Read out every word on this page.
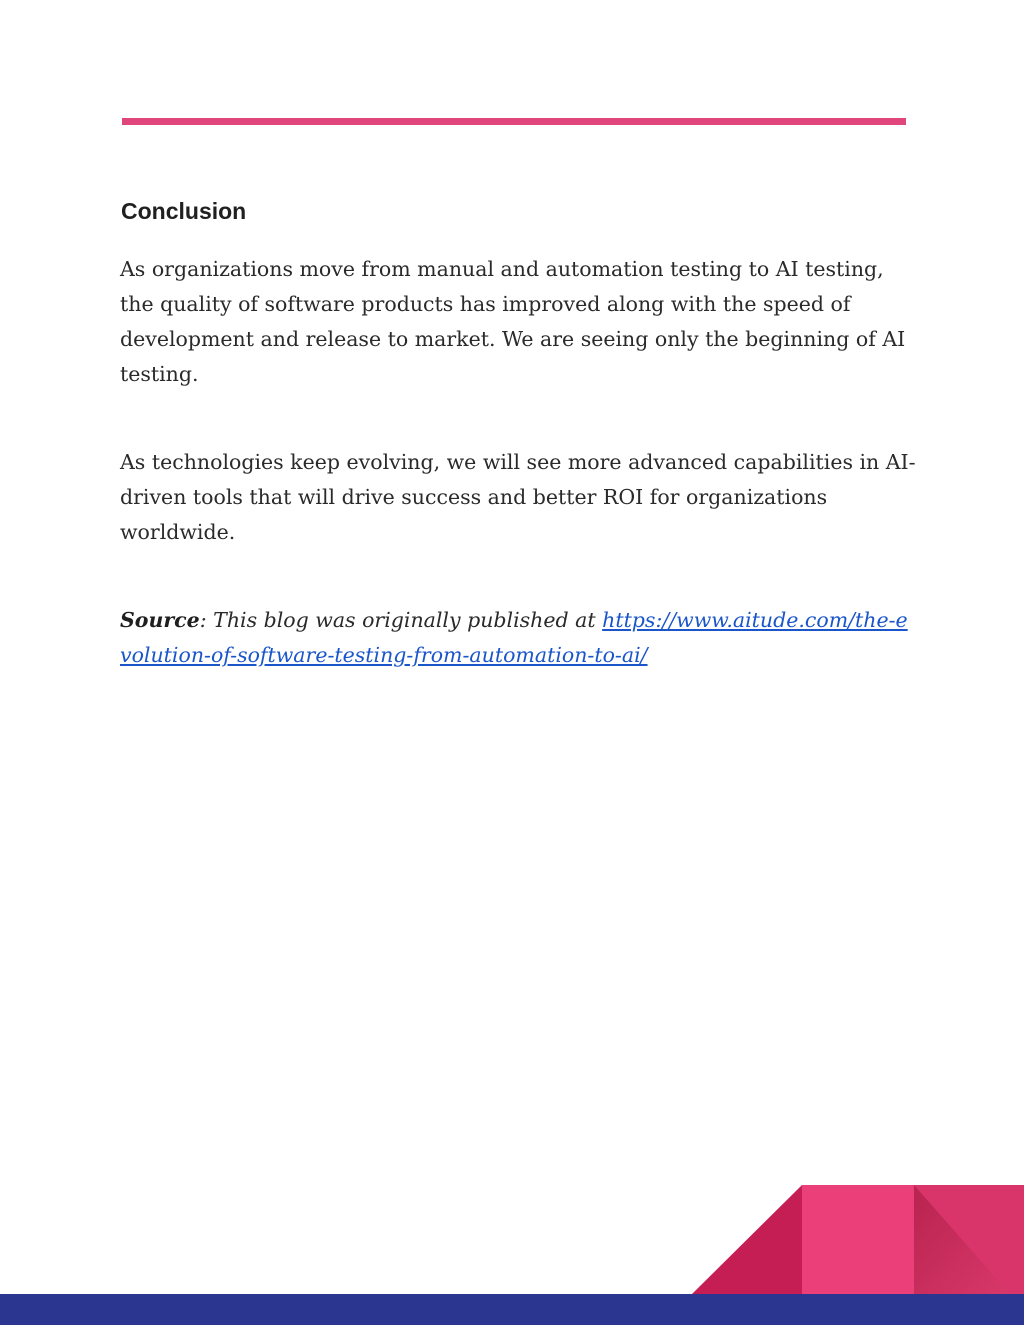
Conclusion

As organizations move from manual and automation testing to AI testing, the quality of software products has improved along with the speed of development and release to market. We are seeing only the beginning of AI testing.

As technologies keep evolving, we will see more advanced capabilities in AI-driven tools that will drive success and better ROI for organizations worldwide.

Source: This blog was originally published at https://www.aitude.com/the-evolution-of-software-testing-from-automation-to-ai/
